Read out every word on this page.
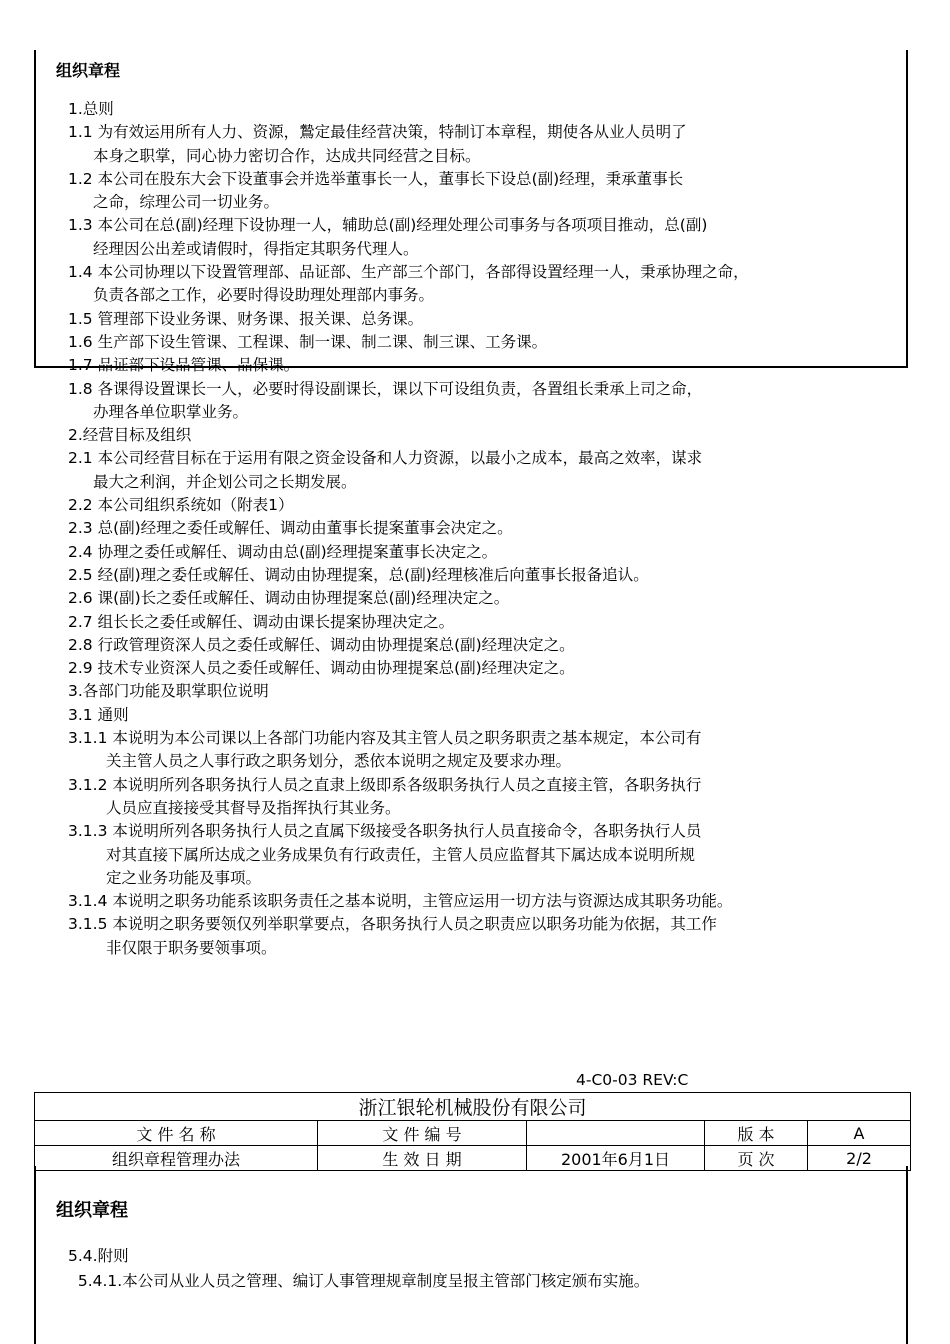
组织章程

1.总则

1.1 为有效运用所有人力、资源，鷙定最佳经营决策，特制订本章程，期使各从业人员明了

本身之职掌，同心协力密切合作，达成共同经营之目标。

1.2 本公司在股东大会下设董事会并选举董事长一人，董事长下设总(副)经理，秉承董事长

之命，综理公司一切业务。

1.3 本公司在总(副)经理下设协理一人，辅助总(副)经理处理公司事务与各项项目推动，总(副)

经理因公出差或请假时，得指定其职务代理人。

1.4 本公司协理以下设置管理部、品证部、生产部三个部门，各部得设置经理一人，秉承协理之命，

负责各部之工作，必要时得设助理处理部内事务。

1.5 管理部下设业务课、财务课、报关课、总务课。

1.6 生产部下设生管课、工程课、制一课、制二课、制三课、工务课。

1.7 品证部下设品管课、品保课。

1.8 各课得设置课长一人，必要时得设副课长，课以下可设组负责，各置组长秉承上司之命，

办理各单位职掌业务。

2.经营目标及组织

2.1 本公司经营目标在于运用有限之资金设备和人力资源，以最小之成本，最高之效率，谋求

最大之利润，并企划公司之长期发展。

2.2 本公司组织系统如（附表1）

2.3 总(副)经理之委任或解任、调动由董事长提案董事会决定之。

2.4 协理之委任或解任、调动由总(副)经理提案董事长决定之。

2.5 经(副)理之委任或解任、调动由协理提案，总(副)经理核准后向董事长报备追认。

2.6 课(副)长之委任或解任、调动由协理提案总(副)经理决定之。

2.7 组长长之委任或解任、调动由课长提案协理决定之。

2.8 行政管理资深人员之委任或解任、调动由协理提案总(副)经理决定之。

2.9 技术专业资深人员之委任或解任、调动由协理提案总(副)经理决定之。

3.各部门功能及职掌职位说明

3.1 通则

3.1.1 本说明为本公司课以上各部门功能内容及其主管人员之职务职责之基本规定，本公司有

关主管人员之人事行政之职务划分，悉依本说明之规定及要求办理。

3.1.2 本说明所列各职务执行人员之直隶上级即系各级职务执行人员之直接主管，各职务执行

人员应直接接受其督导及指挥执行其业务。

3.1.3 本说明所列各职务执行人员之直属下级接受各职务执行人员直接命令，各职务执行人员

对其直接下属所达成之业务成果负有行政责任，主管人员应监督其下属达成本说明所规

定之业务功能及事项。

3.1.4 本说明之职务功能系该职务责任之基本说明，主管应运用一切方法与资源达成其职务功能。

3.1.5 本说明之职务要领仅列举职掌要点，各职务执行人员之职责应以职务功能为依据，其工作

非仅限于职务要领事项。

4-C0-03 REV:C
浙江银轮机械股份有限公司				
文 件 名 称	文 件 编 号		版 本	A
组织章程管理办法	生 效 日 期	2001年6月1日	页 次	2/2
组织章程

5.4.附则

5.4.1.本公司从业人员之管理、编订人事管理规章制度呈报主管部门核定颁布实施。
